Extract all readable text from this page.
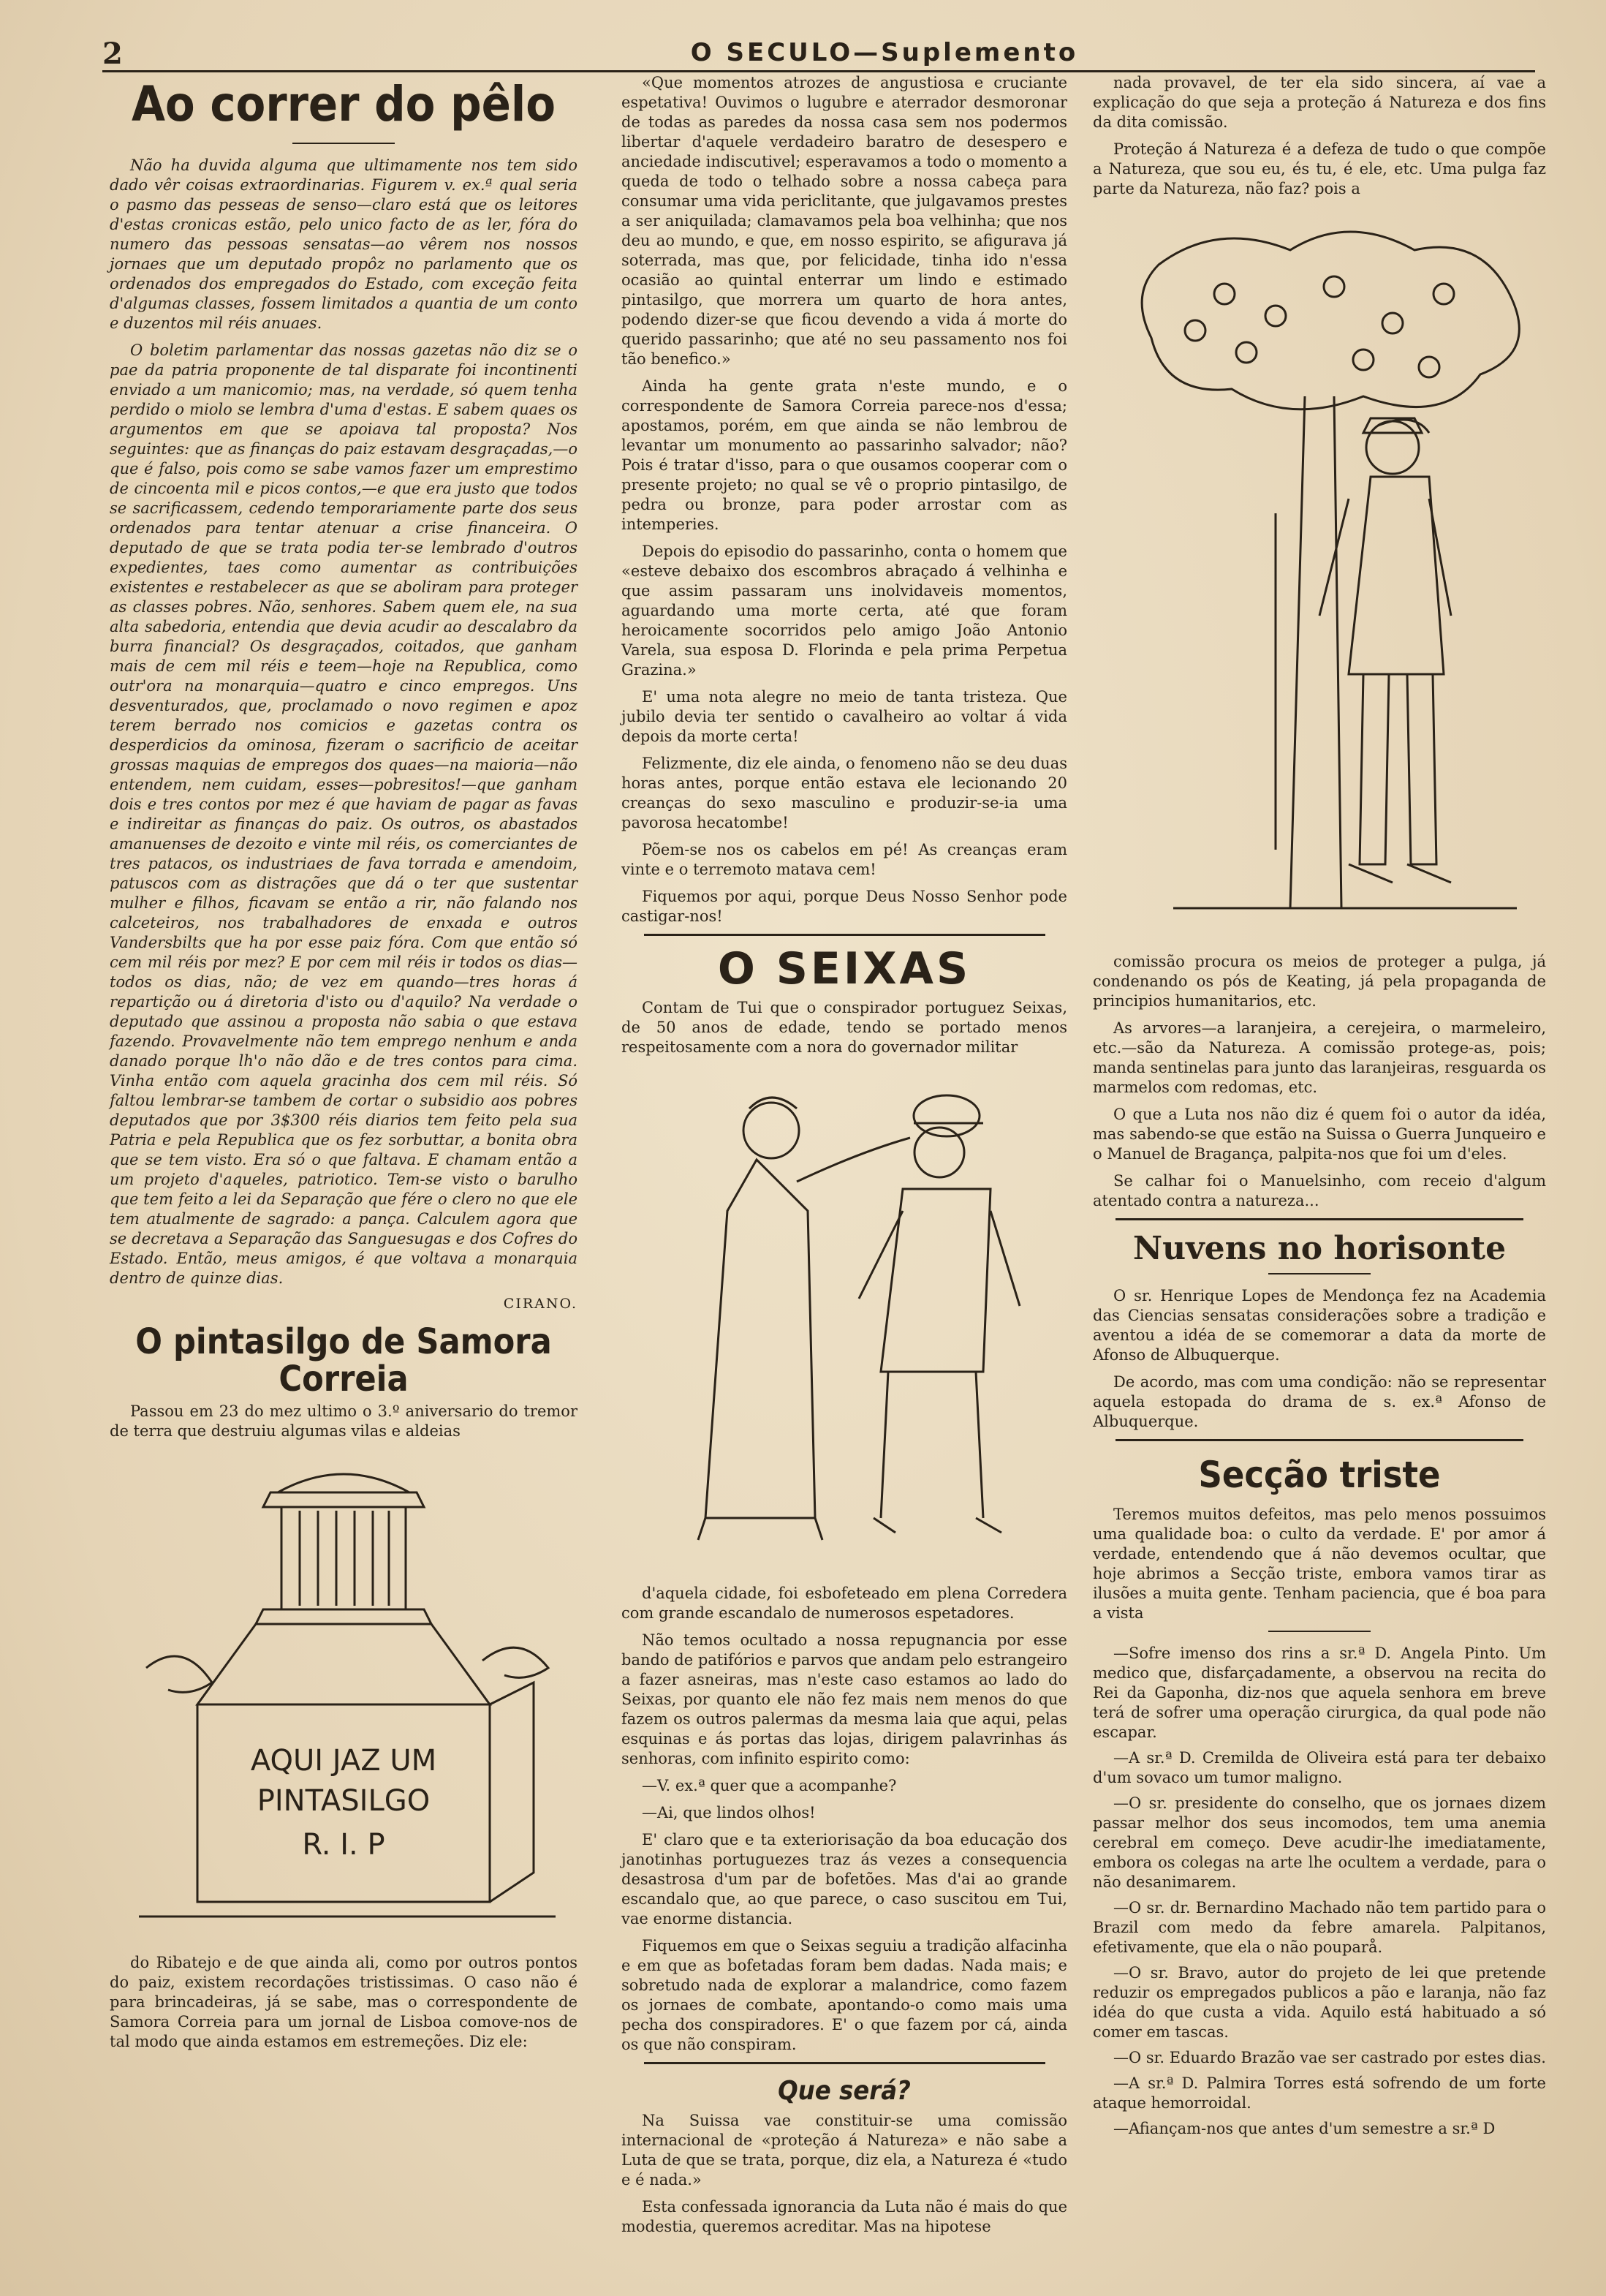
2	O SECULO—Suplemento
Ao correr do pêlo

Não ha duvida alguma que ultimamente nos tem sido dado vêr coisas extraordinarias. Figurem v. ex.ª qual seria o pasmo das pesseas de senso—claro está que os leitores d'estas cronicas estão, pelo unico facto de as ler, fóra do numero das pessoas sensatas—ao vêrem nos nossos jornaes que um deputado propôz no parlamento que os ordenados dos empregados do Estado, com exceção feita d'algumas classes, fossem limitados a quantia de um conto e duzentos mil réis anuaes.

O boletim parlamentar das nossas gazetas não diz se o pae da patria proponente de tal disparate foi incontinenti enviado a um manicomio; mas, na verdade, só quem tenha perdido o miolo se lembra d'uma d'estas. E sabem quaes os argumentos em que se apoiava tal proposta? Nos seguintes: que as finanças do paiz estavam desgraçadas,—o que é falso, pois como se sabe vamos fazer um emprestimo de cincoenta mil e picos contos,—e que era justo que todos se sacrificassem, cedendo temporariamente parte dos seus ordenados para tentar atenuar a crise financeira. O deputado de que se trata podia ter-se lembrado d'outros expedientes, taes como aumentar as contribuições existentes e restabelecer as que se aboliram para proteger as classes pobres. Não, senhores. Sabem quem ele, na sua alta sabedoria, entendia que devia acudir ao descalabro da burra financial? Os desgraçados, coitados, que ganham mais de cem mil réis e teem—hoje na Republica, como outr'ora na monarquia—quatro e cinco empregos. Uns desventurados, que, proclamado o novo regimen e apoz terem berrado nos comicios e gazetas contra os desperdicios da ominosa, fizeram o sacrificio de aceitar grossas maquias de empregos dos quaes—na maioria—não entendem, nem cuidam, esses—pobresitos!—que ganham dois e tres contos por mez é que haviam de pagar as favas e indireitar as finanças do paiz. Os outros, os abastados amanuenses de dezoito e vinte mil réis, os comerciantes de tres patacos, os industriaes de fava torrada e amendoim, patuscos com as distrações que dá o ter que sustentar mulher e filhos, ficavam se então a rir, não falando nos calceteiros, nos trabalhadores de enxada e outros Vandersbilts que ha por esse paiz fóra. Com que então só cem mil réis por mez? E por cem mil réis ir todos os dias—todos os dias, não; de vez em quando—tres horas á repartição ou á diretoria d'isto ou d'aquilo? Na verdade o deputado que assinou a proposta não sabia o que estava fazendo. Provavelmente não tem emprego nenhum e anda danado porque lh'o não dão e de tres contos para cima. Vinha então com aquela gracinha dos cem mil réis. Só faltou lembrar-se tambem de cortar o subsidio aos pobres deputados que por 3$300 réis diarios tem feito pela sua Patria e pela Republica que os fez sorbuttar, a bonita obra que se tem visto. Era só o que faltava. E chamam então a um projeto d'aqueles, patriotico. Tem-se visto o barulho que tem feito a lei da Separação que fére o clero no que ele tem atualmente de sagrado: a pança. Calculem agora que se decretava a Separação das Sanguesugas e dos Cofres do Estado. Então, meus amigos, é que voltava a monarquia dentro de quinze dias.

CIRANO.
O pintasilgo de Samora Correia

Passou em 23 do mez ultimo o 3.º aniversario do tremor de terra que destruiu algumas vilas e aldeias

AQUI JAZ UM
PINTASILGO
R. I. P

do Ribatejo e de que ainda ali, como por outros pontos do paiz, existem recordações tristissimas. O caso não é para brincadeiras, já se sabe, mas o correspondente de Samora Correia para um jornal de Lisboa comove-nos de tal modo que ainda estamos em estremeções. Diz ele:

«Que momentos atrozes de angustiosa e cruciante espetativa! Ouvimos o lugubre e aterrador desmoronar de todas as paredes da nossa casa sem nos podermos libertar d'aquele verdadeiro baratro de desespero e anciedade indiscutivel; esperavamos a todo o momento a queda de todo o telhado sobre a nossa cabeça para consumar uma vida periclitante, que julgavamos prestes a ser aniquilada; clamavamos pela boa velhinha; que nos deu ao mundo, e que, em nosso espirito, se afigurava já soterrada, mas que, por felicidade, tinha ido n'essa ocasião ao quintal enterrar um lindo e estimado pintasilgo, que morrera um quarto de hora antes, podendo dizer-se que ficou devendo a vida á morte do querido passarinho; que até no seu passamento nos foi tão benefico.»

Ainda ha gente grata n'este mundo, e o correspondente de Samora Correia parece-nos d'essa; apostamos, porém, em que ainda se não lembrou de levantar um monumento ao passarinho salvador; não? Pois é tratar d'isso, para o que ousamos cooperar com o presente projeto; no qual se vê o proprio pintasilgo, de pedra ou bronze, para poder arrostar com as intemperies.

Depois do episodio do passarinho, conta o homem que «esteve debaixo dos escombros abraçado á velhinha e que assim passaram uns inolvidaveis momentos, aguardando uma morte certa, até que foram heroicamente socorridos pelo amigo João Antonio Varela, sua esposa D. Florinda e pela prima Perpetua Grazina.»

E' uma nota alegre no meio de tanta tristeza. Que jubilo devia ter sentido o cavalheiro ao voltar á vida depois da morte certa!

Felizmente, diz ele ainda, o fenomeno não se deu duas horas antes, porque então estava ele lecionando 20 creanças do sexo masculino e produzir-se-ia uma pavorosa hecatombe!

Põem-se nos os cabelos em pé! As creanças eram vinte e o terremoto matava cem!

Fiquemos por aqui, porque Deus Nosso Senhor pode castigar-nos!

O SEIXAS

Contam de Tui que o conspirador portuguez Seixas, de 50 anos de edade, tendo se portado menos respeitosamente com a nora do governador militar

d'aquela cidade, foi esbofeteado em plena Corredera com grande escandalo de numerosos espetadores.

Não temos ocultado a nossa repugnancia por esse bando de patifórios e parvos que andam pelo estrangeiro a fazer asneiras, mas n'este caso estamos ao lado do Seixas, por quanto ele não fez mais nem menos do que fazem os outros palermas da mesma laia que aqui, pelas esquinas e ás portas das lojas, dirigem palavrinhas ás senhoras, com infinito espirito como:

—V. ex.ª quer que a acompanhe?

—Ai, que lindos olhos!

E' claro que e ta exteriorisação da boa educação dos janotinhas portuguezes traz ás vezes a consequencia desastrosa d'um par de bofetões. Mas d'ai ao grande escandalo que, ao que parece, o caso suscitou em Tui, vae enorme distancia.

Fiquemos em que o Seixas seguiu a tradição alfacinha e em que as bofetadas foram bem dadas. Nada mais; e sobretudo nada de explorar a malandrice, como fazem os jornaes de combate, apontando-o como mais uma pecha dos conspiradores. E' o que fazem por cá, ainda os que não conspiram.

Que será?

Na Suissa vae constituir-se uma comissão internacional de «proteção á Natureza» e não sabe a Luta de que se trata, porque, diz ela, a Natureza é «tudo e é nada.»

Esta confessada ignorancia da Luta não é mais do que modestia, queremos acreditar. Mas na hipotese

nada provavel, de ter ela sido sincera, aí vae a explicação do que seja a proteção á Natureza e dos fins da dita comissão.

Proteção á Natureza é a defeza de tudo o que compõe a Natureza, que sou eu, és tu, é ele, etc. Uma pulga faz parte da Natureza, não faz? pois a

comissão procura os meios de proteger a pulga, já condenando os pós de Keating, já pela propaganda de principios humanitarios, etc.

As arvores—a laranjeira, a cerejeira, o marmeleiro, etc.—são da Natureza. A comissão protege-as, pois; manda sentinelas para junto das laranjeiras, resguarda os marmelos com redomas, etc.

O que a Luta nos não diz é quem foi o autor da idéa, mas sabendo-se que estão na Suissa o Guerra Junqueiro e o Manuel de Bragança, palpita-nos que foi um d'eles.

Se calhar foi o Manuelsinho, com receio d'algum atentado contra a natureza...

Nuvens no horisonte

O sr. Henrique Lopes de Mendonça fez na Academia das Ciencias sensatas considerações sobre a tradição e aventou a idéa de se comemorar a data da morte de Afonso de Albuquerque.

De acordo, mas com uma condição: não se representar aquela estopada do drama de s. ex.ª Afonso de Albuquerque.

Secção triste

Teremos muitos defeitos, mas pelo menos possuimos uma qualidade boa: o culto da verdade. E' por amor á verdade, entendendo que á não devemos ocultar, que hoje abrimos a Secção triste, embora vamos tirar as ilusões a muita gente. Tenham paciencia, que é boa para a vista

—Sofre imenso dos rins a sr.ª D. Angela Pinto. Um medico que, disfarçadamente, a observou na recita do Rei da Gaponha, diz-nos que aquela senhora em breve terá de sofrer uma operação cirurgica, da qual pode não escapar.

—A sr.ª D. Cremilda de Oliveira está para ter debaixo d'um sovaco um tumor maligno.

—O sr. presidente do conselho, que os jornaes dizem passar melhor dos seus incomodos, tem uma anemia cerebral em começo. Deve acudir-lhe imediatamente, embora os colegas na arte lhe ocultem a verdade, para o não desanimarem.

—O sr. dr. Bernardino Machado não tem partido para o Brazil com medo da febre amarela. Palpitanos, efetivamente, que ela o não pouparå.

—O sr. Bravo, autor do projeto de lei que pretende reduzir os empregados publicos a pão e laranja, não faz idéa do que custa a vida. Aquilo está habituado a só comer em tascas.

—O sr. Eduardo Brazão vae ser castrado por estes dias.

—A sr.ª D. Palmira Torres está sofrendo de um forte ataque hemorroidal.

—Afiançam-nos que antes d'um semestre a sr.ª D
